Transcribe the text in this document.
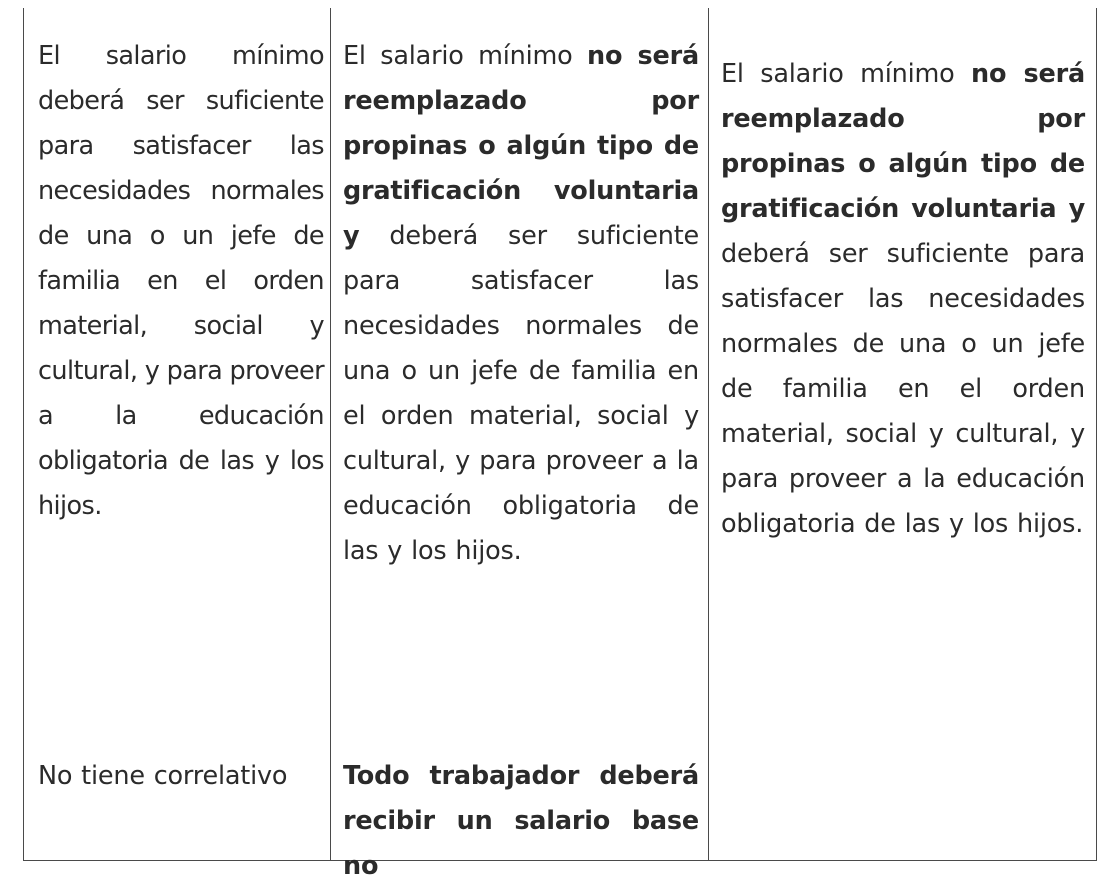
El salario mínimo deberá ser suficiente para satisfacer las necesidades normales de una o un jefe de familia en el orden material, social y cultural, y para proveer a la educación obligatoria de las y los hijos.

No tiene correlativo

El salario mínimo no será reemplazado por propinas o algún tipo de gratificación voluntaria y deberá ser suficiente para satisfacer las necesidades normales de una o un jefe de familia en el orden material, social y cultural, y para proveer a la educación obligatoria de las y los hijos.

Todo trabajador deberá recibir un salario base no

El salario mínimo no será reemplazado por propinas o algún tipo de gratificación voluntaria y deberá ser suficiente para satisfacer las necesidades normales de una o un jefe de familia en el orden material, social y cultural, y para proveer a la educación obligatoria de las y los hijos.
